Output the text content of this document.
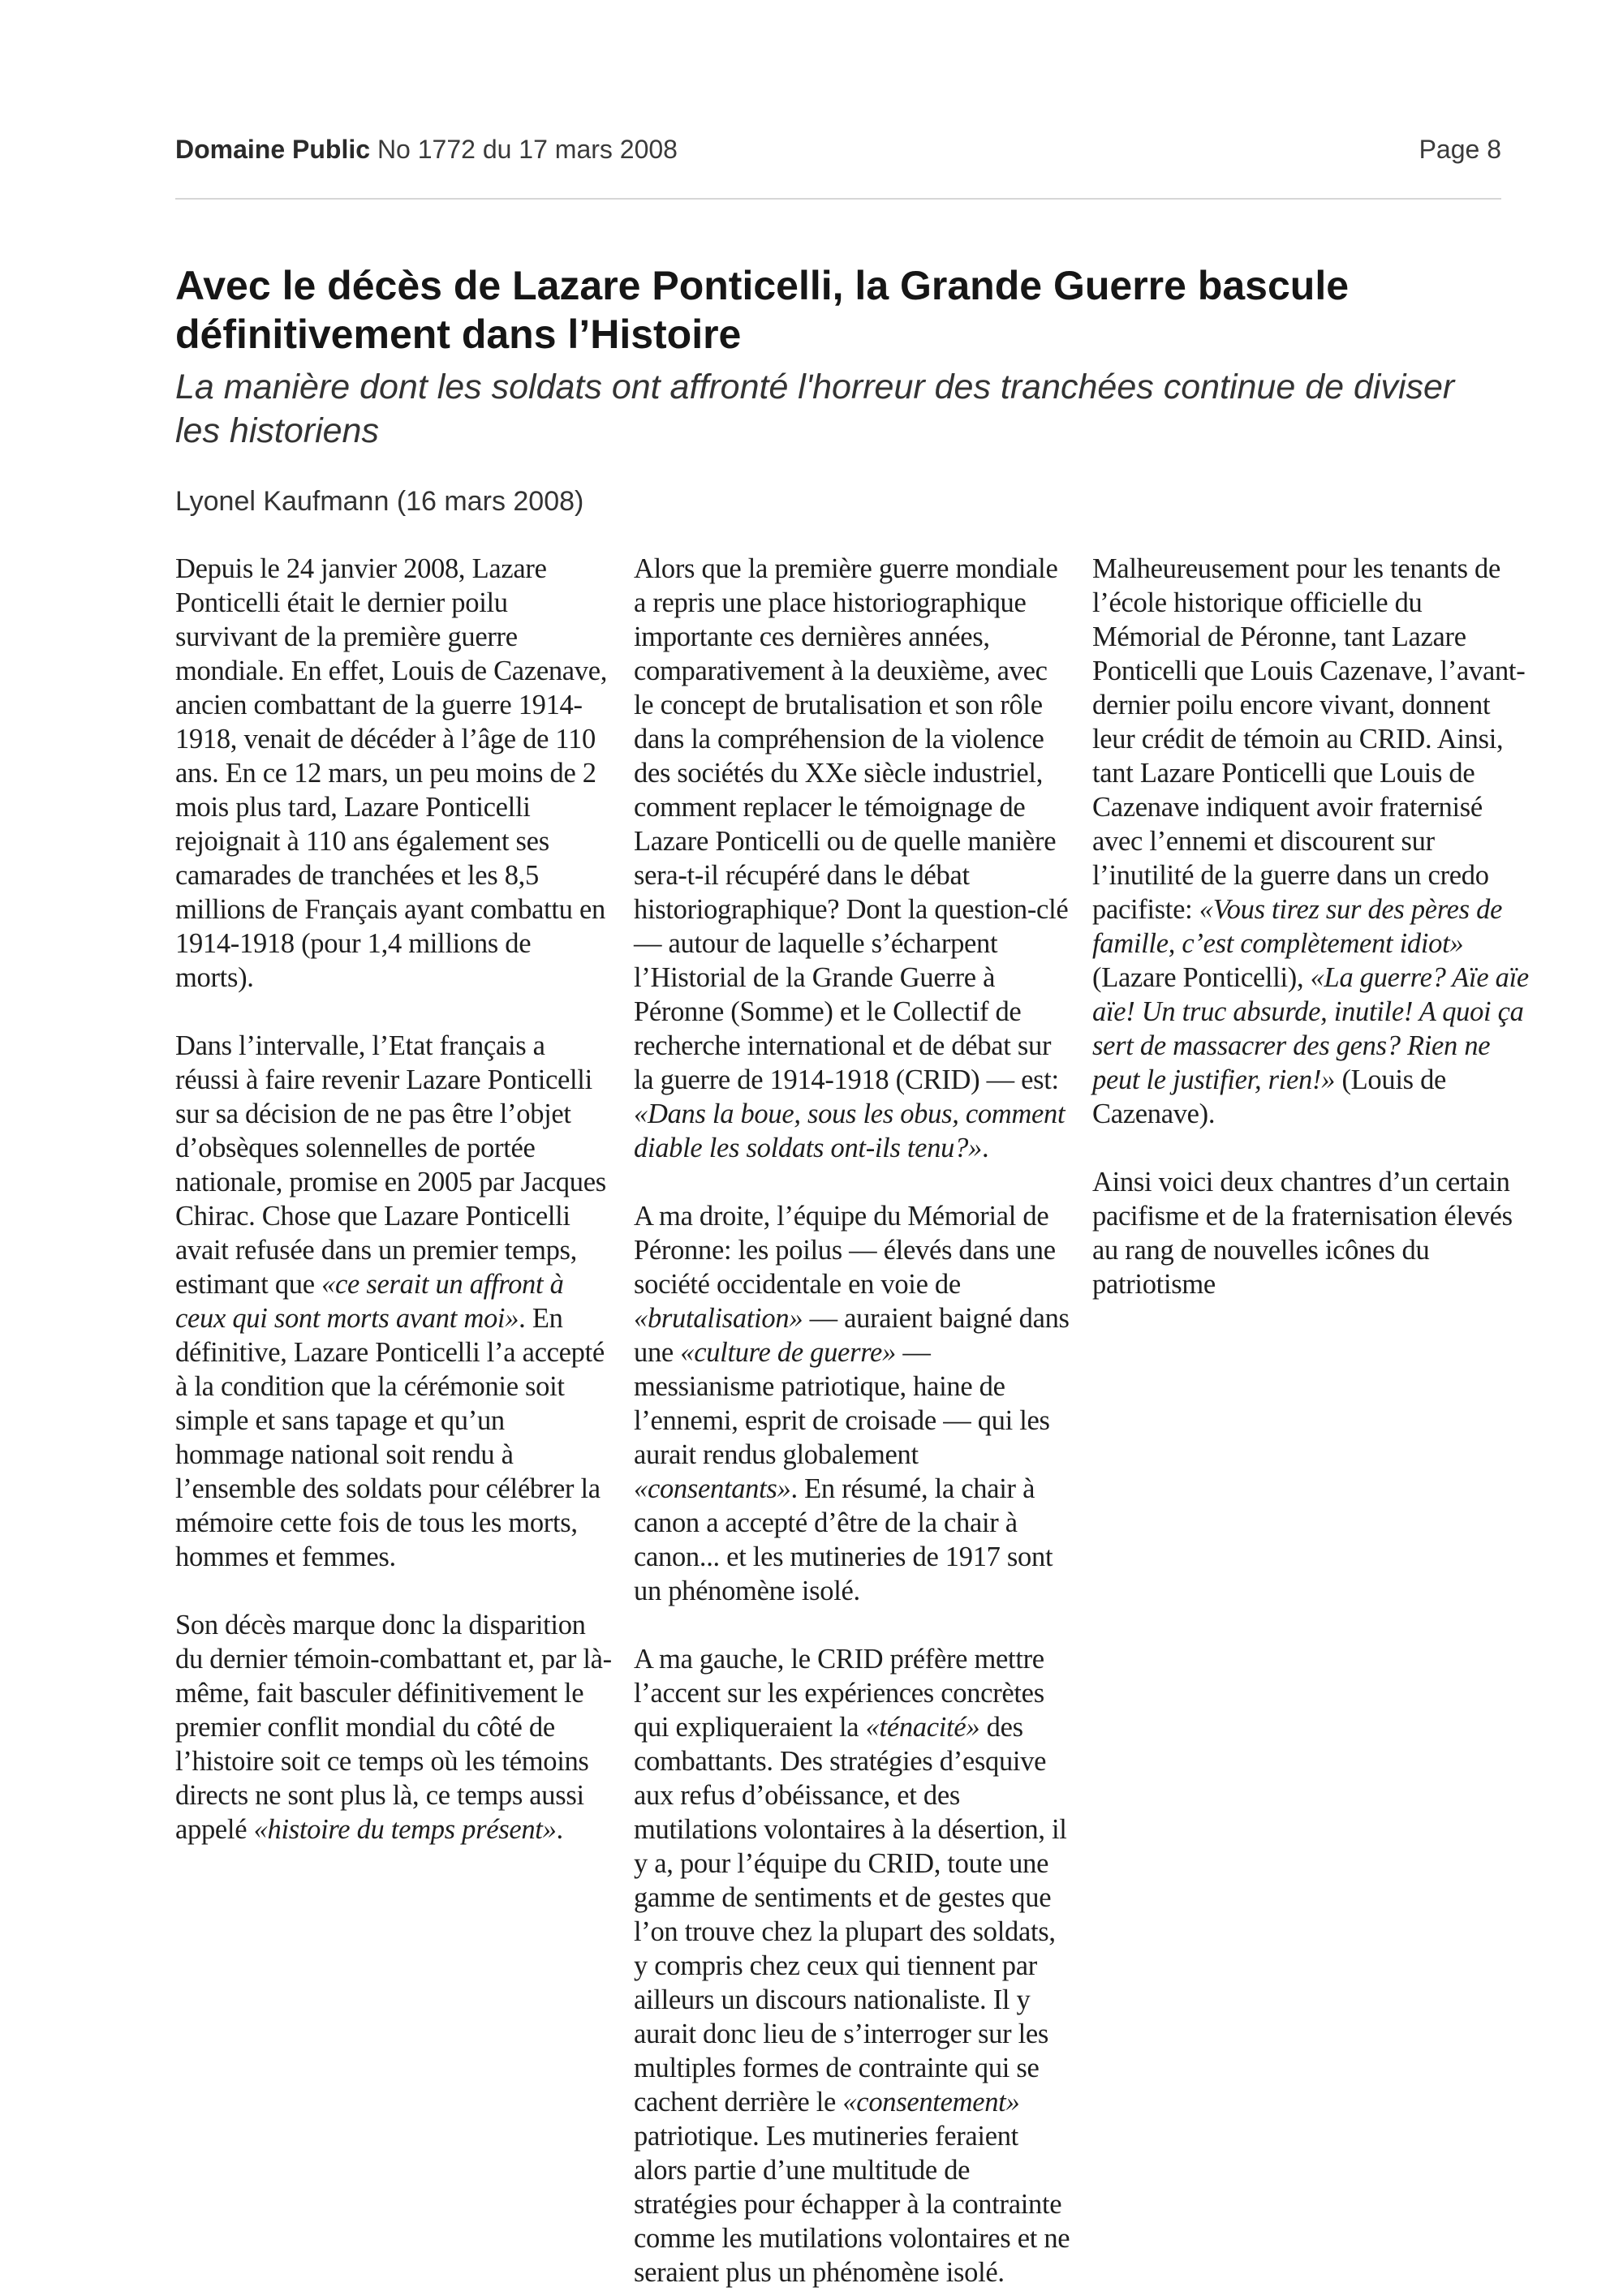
Domaine Public No 1772 du 17 mars 2008	Page 8
Avec le décès de Lazare Ponticelli, la Grande Guerre bascule définitivement dans l’Histoire

La manière dont les soldats ont affronté l'horreur des tranchées continue de diviser les historiens

Lyonel Kaufmann (16 mars 2008)

Depuis le 24 janvier 2008, Lazare Ponticelli était le dernier poilu survivant de la première guerre mondiale. En effet, Louis de Cazenave, ancien combattant de la guerre 1914-1918, venait de décéder à l’âge de 110 ans. En ce 12 mars, un peu moins de 2 mois plus tard, Lazare Ponticelli rejoignait à 110 ans également ses camarades de tranchées et les 8,5 millions de Français ayant combattu en 1914-1918 (pour 1,4 millions de morts).

Dans l’intervalle, l’Etat français a réussi à faire revenir Lazare Ponticelli sur sa décision de ne pas être l’objet d’obsèques solennelles de portée nationale, promise en 2005 par Jacques Chirac. Chose que Lazare Ponticelli avait refusée dans un premier temps, estimant que «ce serait un affront à ceux qui sont morts avant moi». En définitive, Lazare Ponticelli l’a accepté à la condition que la cérémonie soit simple et sans tapage et qu’un hommage national soit rendu à l’ensemble des soldats pour célébrer la mémoire cette fois de tous les morts, hommes et femmes.

Son décès marque donc la disparition du dernier témoin-combattant et, par là-même, fait basculer définitivement le premier conflit mondial du côté de l’histoire soit ce temps où les témoins directs ne sont plus là, ce temps aussi appelé «histoire du temps présent».

Alors que la première guerre mondiale a repris une place historiographique importante ces dernières années, comparativement à la deuxième, avec le concept de brutalisation et son rôle dans la compréhension de la violence des sociétés du XXe siècle industriel, comment replacer le témoignage de Lazare Ponticelli ou de quelle manière sera-t-il récupéré dans le débat historiographique? Dont la question-clé — autour de laquelle s’écharpent l’Historial de la Grande Guerre à Péronne (Somme) et le Collectif de recherche international et de débat sur la guerre de 1914-1918 (CRID) — est: «Dans la boue, sous les obus, comment diable les soldats ont-ils tenu?».

A ma droite, l’équipe du Mémorial de Péronne: les poilus — élevés dans une société occidentale en voie de «brutalisation» — auraient baigné dans une «culture de guerre» — messianisme patriotique, haine de l’ennemi, esprit de croisade — qui les aurait rendus globalement «consentants». En résumé, la chair à canon a accepté d’être de la chair à canon... et les mutineries de 1917 sont un phénomène isolé.

A ma gauche, le CRID préfère mettre l’accent sur les expériences concrètes qui expliqueraient la «ténacité» des combattants. Des stratégies d’esquive aux refus d’obéissance, et des mutilations volontaires à la désertion, il y a, pour l’équipe du CRID, toute une gamme de sentiments et de gestes que l’on trouve chez la plupart des soldats, y compris chez ceux qui tiennent par ailleurs un discours nationaliste. Il y aurait donc lieu de s’interroger sur les multiples formes de contrainte qui se cachent derrière le «consentement» patriotique. Les mutineries feraient alors partie d’une multitude de stratégies pour échapper à la contrainte comme les mutilations volontaires et ne seraient plus un phénomène isolé.

Malheureusement pour les tenants de l’école historique officielle du Mémorial de Péronne, tant Lazare Ponticelli que Louis Cazenave, l’avant-dernier poilu encore vivant, donnent leur crédit de témoin au CRID. Ainsi, tant Lazare Ponticelli que Louis de Cazenave indiquent avoir fraternisé avec l’ennemi et discourent sur l’inutilité de la guerre dans un credo pacifiste: «Vous tirez sur des pères de famille, c’est complètement idiot» (Lazare Ponticelli), «La guerre? Aïe aïe aïe! Un truc absurde, inutile! A quoi ça sert de massacrer des gens? Rien ne peut le justifier, rien!» (Louis de Cazenave).

Ainsi voici deux chantres d’un certain pacifisme et de la fraternisation élevés au rang de nouvelles icônes du patriotisme
